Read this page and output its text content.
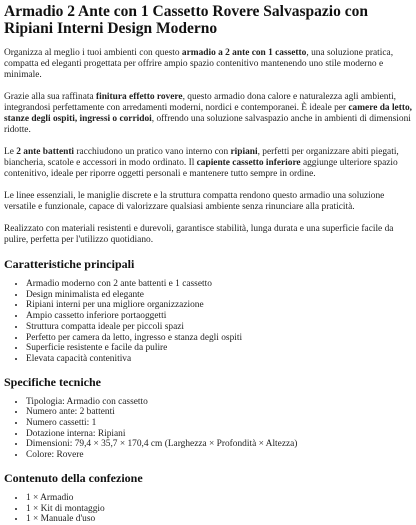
Armadio 2 Ante con 1 Cassetto Rovere Salvaspazio con Ripiani Interni Design Moderno

Organizza al meglio i tuoi ambienti con questo armadio a 2 ante con 1 cassetto, una soluzione pratica, compatta ed eleganti progettata per offrire ampio spazio contenitivo mantenendo uno stile moderno e minimale.

Grazie alla sua raffinata finitura effetto rovere, questo armadio dona calore e naturalezza agli ambienti, integrandosi perfettamente con arredamenti moderni, nordici e contemporanei. È ideale per camere da letto, stanze degli ospiti, ingressi o corridoi, offrendo una soluzione salvaspazio anche in ambienti di dimensioni ridotte.

Le 2 ante battenti racchiudono un pratico vano interno con ripiani, perfetti per organizzare abiti piegati, biancheria, scatole e accessori in modo ordinato. Il capiente cassetto inferiore aggiunge ulteriore spazio contenitivo, ideale per riporre oggetti personali e mantenere tutto sempre in ordine.

Le linee essenziali, le maniglie discrete e la struttura compatta rendono questo armadio una soluzione versatile e funzionale, capace di valorizzare qualsiasi ambiente senza rinunciare alla praticità.

Realizzato con materiali resistenti e durevoli, garantisce stabilità, lunga durata e una superficie facile da pulire, perfetta per l'utilizzo quotidiano.

Caratteristiche principali
• Armadio moderno con 2 ante battenti e 1 cassetto
• Design minimalista ed elegante
• Ripiani interni per una migliore organizzazione
• Ampio cassetto inferiore portaoggetti
• Struttura compatta ideale per piccoli spazi
• Perfetto per camera da letto, ingresso e stanza degli ospiti
• Superficie resistente e facile da pulire
• Elevata capacità contenitiva
Specifiche tecniche
• Tipologia: Armadio con cassetto
• Numero ante: 2 battenti
• Numero cassetti: 1
• Dotazione interna: Ripiani
• Dimensioni: 79,4 × 35,7 × 170,4 cm (Larghezza × Profondità × Altezza)
• Colore: Rovere
Contenuto della confezione
• 1 × Armadio
• 1 × Kit di montaggio
• 1 × Manuale d'uso
